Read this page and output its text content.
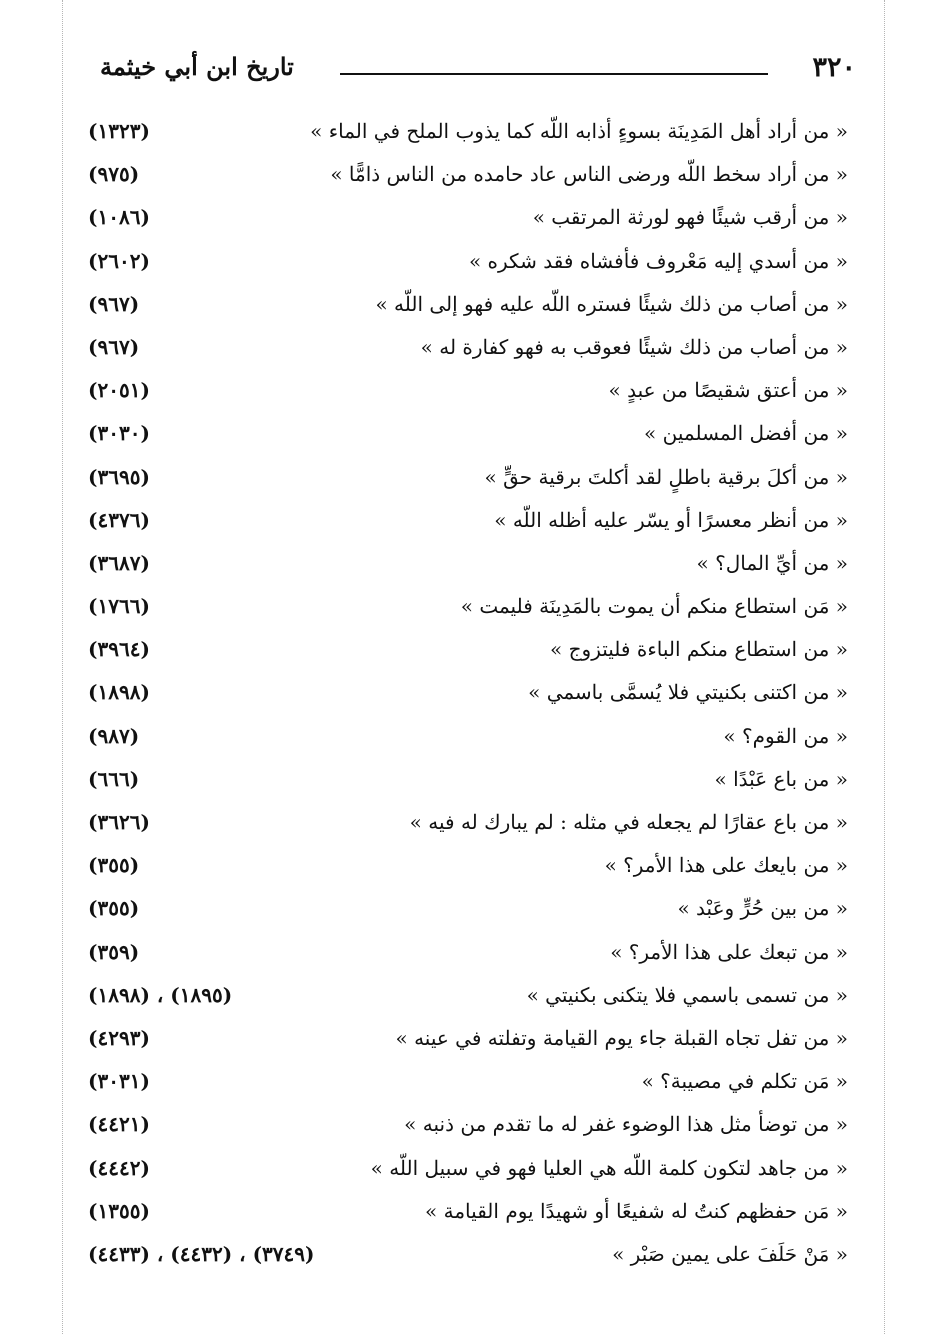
٣٢٠
تاريخ ابن أبي خيثمة
« من أراد أهل المَدِينَة بسوءٍ أذابه اللّه كما يذوب الملح في الماء »
(١٣٢٣)
« من أراد سخط اللّه ورضى الناس عاد حامده من الناس ذامًّا »
(٩٧٥)
« من أرقب شيئًا فهو لورثة المرتقب »
(١٠٨٦)
« من أسدي إليه مَعْروف فأفشاه فقد شكره »
(٢٦٠٢)
« من أصاب من ذلك شيئًا فستره اللّه عليه فهو إلى اللّه »
(٩٦٧)
« من أصاب من ذلك شيئًا فعوقب به فهو كفارة له »
(٩٦٧)
« من أعتق شقيصًا من عبدٍ »
(٢٠٥١)
« من أفضل المسلمين »
(٣٠٣٠)
« من أكلَ برقية باطلٍ لقد أكلتَ برقية حقٍّ »
(٣٦٩٥)
« من أنظر معسرًا أو يسّر عليه أظله اللّه »
(٤٣٧٦)
« من أيِّ المال؟ »
(٣٦٨٧)
« مَن استطاع منكم أن يموت بالمَدِينَة فليمت »
(١٧٦٦)
« من استطاع منكم الباءة فليتزوج »
(٣٩٦٤)
« من اكتنى بكنيتي فلا يُسمَّى باسمي »
(١٨٩٨)
« من القوم؟ »
(٩٨٧)
« من باع عَبْدًا »
(٦٦٦)
« من باع عقارًا لم يجعله في مثله : لم يبارك له فيه »
(٣٦٢٦)
« من بايعك على هذا الأمر؟ »
(٣٥٥)
« من بين حُرٍّ وعَبْد »
(٣٥٥)
« من تبعك على هذا الأمر؟ »
(٣٥٩)
« من تسمى باسمي فلا يتكنى بكنيتي »
(١٨٩٥) ، (١٨٩٨)
« من تفل تجاه القبلة جاء يوم القيامة وتفلته في عينه »
(٤٢٩٣)
« مَن تكلم في مصيبة؟ »
(٣٠٣١)
« من توضأ مثل هذا الوضوء غفر له ما تقدم من ذنبه »
(٤٤٢١)
« من جاهد لتكون كلمة اللّه هي العليا فهو في سبيل اللّه »
(٤٤٤٢)
« مَن حفظهم كنتُ له شفيعًا أو شهيدًا يوم القيامة »
(١٣٥٥)
« مَنْ حَلَفَ على يمين صَبْر »
(٣٧٤٩) ، (٤٤٣٢) ، (٤٤٣٣)
